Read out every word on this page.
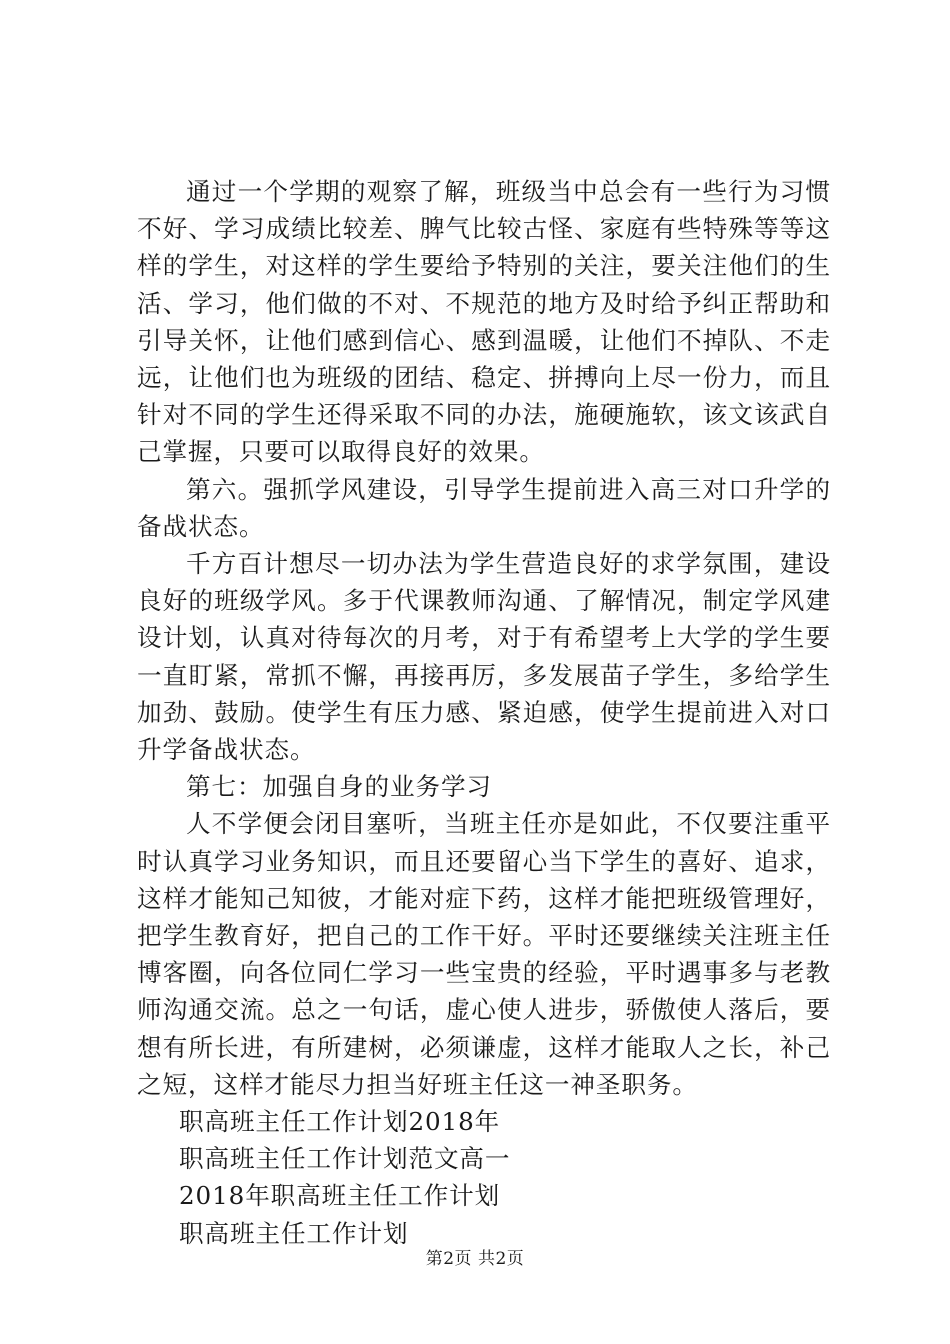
通过一个学期的观察了解，班级当中总会有一些行为习惯不好、学习成绩比较差、脾气比较古怪、家庭有些特殊等等这样的学生，对这样的学生要给予特别的关注，要关注他们的生活、学习，他们做的不对、不规范的地方及时给予纠正帮助和引导关怀，让他们感到信心、感到温暖，让他们不掉队、不走远，让他们也为班级的团结、稳定、拼搏向上尽一份力，而且针对不同的学生还得采取不同的办法，施硬施软，该文该武自己掌握，只要可以取得良好的效果。

第六。强抓学风建设，引导学生提前进入高三对口升学的备战状态。

千方百计想尽一切办法为学生营造良好的求学氛围，建设良好的班级学风。多于代课教师沟通、了解情况，制定学风建设计划，认真对待每次的月考，对于有希望考上大学的学生要一直盯紧，常抓不懈，再接再厉，多发展苗子学生，多给学生加劲、鼓励。使学生有压力感、紧迫感，使学生提前进入对口升学备战状态。

第七：加强自身的业务学习

人不学便会闭目塞听，当班主任亦是如此，不仅要注重平时认真学习业务知识，而且还要留心当下学生的喜好、追求，这样才能知己知彼，才能对症下药，这样才能把班级管理好，把学生教育好，把自己的工作干好。平时还要继续关注班主任博客圈，向各位同仁学习一些宝贵的经验，平时遇事多与老教师沟通交流。总之一句话，虚心使人进步，骄傲使人落后，要想有所长进，有所建树，必须谦虚，这样才能取人之长，补己之短，这样才能尽力担当好班主任这一神圣职务。

职高班主任工作计划2018年

职高班主任工作计划范文高一

2018年职高班主任工作计划

职高班主任工作计划

第2页 共2页
